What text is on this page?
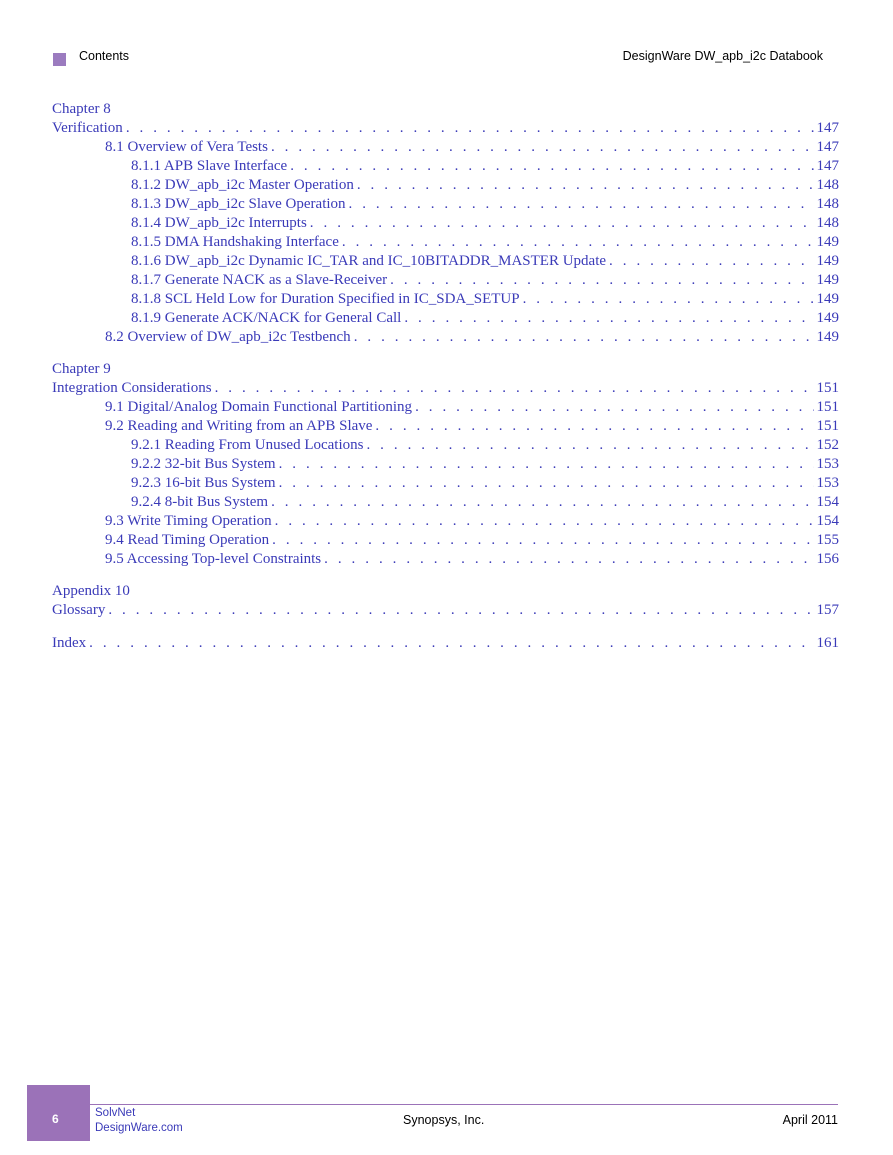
Contents	DesignWare DW_apb_i2c Databook
Chapter 8
Verification . . .	147
8.1 Overview of Vera Tests . . .	147
8.1.1 APB Slave Interface . . .	147
8.1.2 DW_apb_i2c Master Operation . . .	148
8.1.3 DW_apb_i2c Slave Operation . . .	148
8.1.4 DW_apb_i2c Interrupts . . .	148
8.1.5 DMA Handshaking Interface . . .	149
8.1.6 DW_apb_i2c Dynamic IC_TAR and IC_10BITADDR_MASTER Update . . .	149
8.1.7 Generate NACK as a Slave-Receiver . . .	149
8.1.8 SCL Held Low for Duration Specified in IC_SDA_SETUP . . .	149
8.1.9 Generate ACK/NACK for General Call . . .	149
8.2 Overview of DW_apb_i2c Testbench . . .	149
Chapter 9
Integration Considerations . . .	151
9.1 Digital/Analog Domain Functional Partitioning . . .	151
9.2 Reading and Writing from an APB Slave . . .	151
9.2.1 Reading From Unused Locations . . .	152
9.2.2 32-bit Bus System . . .	153
9.2.3 16-bit Bus System . . .	153
9.2.4 8-bit Bus System . . .	154
9.3 Write Timing Operation . . .	154
9.4 Read Timing Operation . . .	155
9.5 Accessing Top-level Constraints . . .	156
Appendix 10
Glossary . . .	157
Index . . .	161
6	SolvNet
DesignWare.com
Synopsys, Inc.	April 2011
